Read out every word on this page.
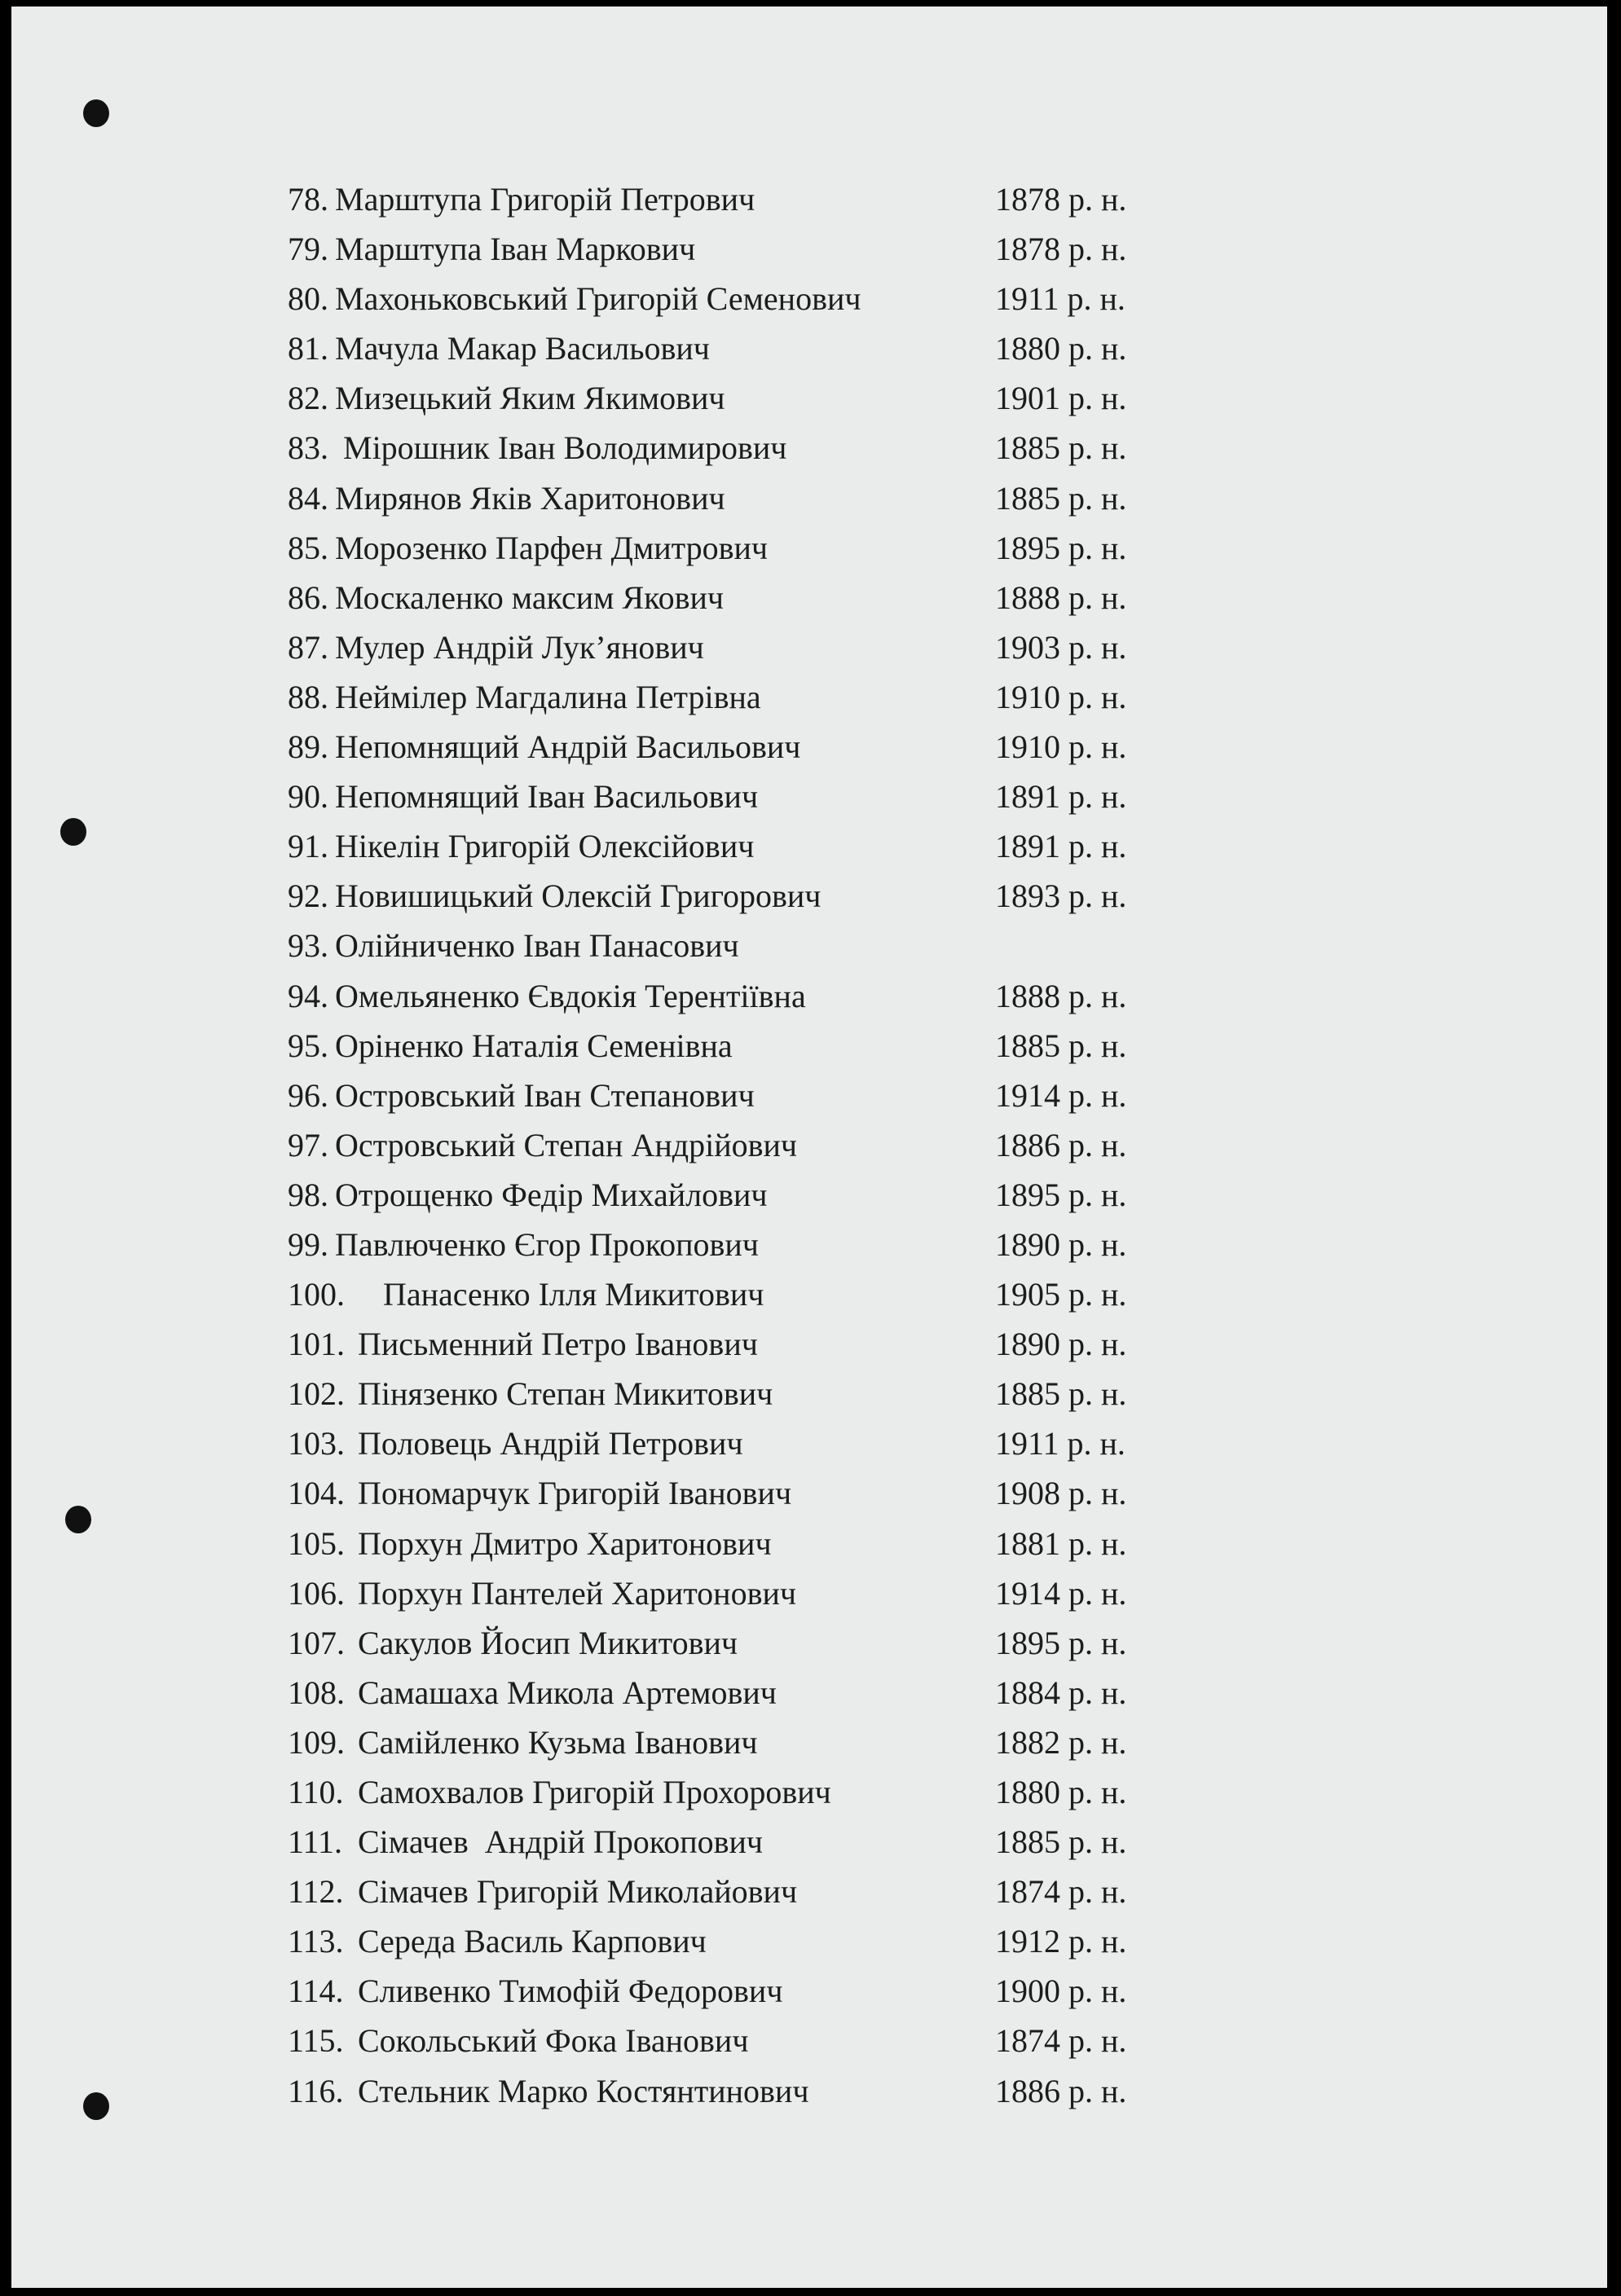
78. Марштупа Григорій Петрович	1878 р. н.
79. Марштупа Іван Маркович	1878 р. н.
80. Махоньковський Григорій Семенович	1911 р. н.
81. Мачула Макар Васильович	1880 р. н.
82. Мизецький Яким Якимович	1901 р. н.
83. Мірошник Іван Володимирович	1885 р. н.
84. Мирянов Яків Харитонович	1885 р. н.
85. Морозенко Парфен Дмитрович	1895 р. н.
86. Москаленко максим Якович	1888 р. н.
87. Мулер Андрій Лук’янович	1903 р. н.
88. Неймілер Магдалина Петрівна	1910 р. н.
89. Непомнящий Андрій Васильович	1910 р. н.
90. Непомнящий Іван Васильович	1891 р. н.
91. Нікелін Григорій Олексійович	1891 р. н.
92. Новишицький Олексій Григорович	1893 р. н.
93. Олійниченко Іван Панасович
94. Омельяненко Євдокія Терентіївна	1888 р. н.
95. Оріненко Наталія Семенівна	1885 р. н.
96. Островський Іван Степанович	1914 р. н.
97. Островський Степан Андрійович	1886 р. н.
98. Отрощенко Федір Михайлович	1895 р. н.
99. Павлюченко Єгор Прокопович	1890 р. н.
100. Панасенко Ілля Микитович	1905 р. н.
101. Письменний Петро Іванович	1890 р. н.
102. Пінязенко Степан Микитович	1885 р. н.
103. Половець Андрій Петрович	1911 р. н.
104. Пономарчук Григорій Іванович	1908 р. н.
105. Порхун Дмитро Харитонович	1881 р. н.
106. Порхун Пантелей Харитонович	1914 р. н.
107. Сакулов Йосип Микитович	1895 р. н.
108. Самашаха Микола Артемович	1884 р. н.
109. Самійленко Кузьма Іванович	1882 р. н.
110. Самохвалов Григорій Прохорович	1880 р. н.
111. Сімачев  Андрій Прокопович	1885 р. н.
112. Сімачев Григорій Миколайович	1874 р. н.
113. Середа Василь Карпович	1912 р. н.
114. Сливенко Тимофій Федорович	1900 р. н.
115. Сокольський Фока Іванович	1874 р. н.
116. Стельник Марко Костянтинович	1886 р. н.
